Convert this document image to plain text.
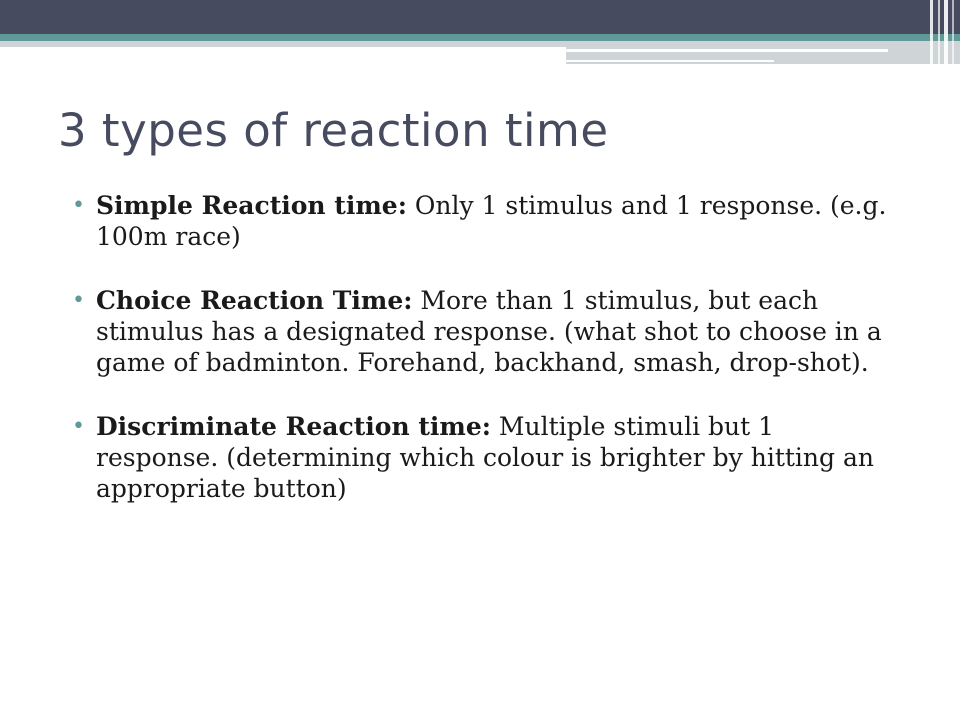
3 types of reaction time
• Simple Reaction time: Only 1 stimulus and 1 response. (e.g. 100m race)
• Choice Reaction Time: More than 1 stimulus, but each stimulus has a designated response. (what shot to choose in a game of badminton. Forehand, backhand, smash, drop-shot).
• Discriminate Reaction time: Multiple stimuli but 1 response. (determining which colour is brighter by hitting an appropriate button)
